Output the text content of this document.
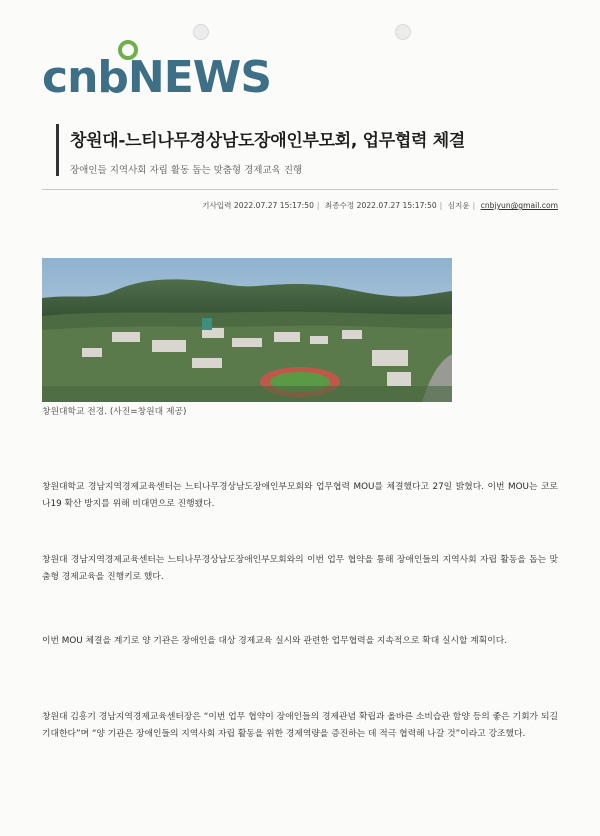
cnbNEWS
창원대-느티나무경상남도장애인부모회, 업무협력 체결
장애인들 지역사회 자립 활동 돕는 맞춤형 경제교육 진행
기사입력 2022.07.27 15:17:50 | 최종수정 2022.07.27 15:17:50 | 심지윤 | cnbjyun@gmail.com
창원대학교 전경. (사진=창원대 제공)

창원대학교 경남지역경제교육센터는 느티나무경상남도장애인부모회와 업무협력 MOU를 체결했다고 27일 밝혔다. 이번 MOU는 코로나19 확산 방지를 위해 비대면으로 진행됐다.

창원대 경남지역경제교육센터는 느티나무경상남도장애인부모회와의 이번 업무 협약을 통해 장애인들의 지역사회 자립 활동을 돕는 맞춤형 경제교육을 진행키로 했다.

이번 MOU 체결을 계기로 양 기관은 장애인을 대상 경제교육 실시와 관련한 업무협력을 지속적으로 확대 실시할 계획이다.

창원대 김흥기 경남지역경제교육센터장은 “이번 업무 협약이 장애인들의 경제관념 확립과 올바른 소비습관 함양 등의 좋은 기회가 되길 기대한다”며 “양 기관은 장애인들의 지역사회 자립 활동을 위한 경제역량을 증진하는 데 적극 협력해 나갈 것”이라고 강조했다.
